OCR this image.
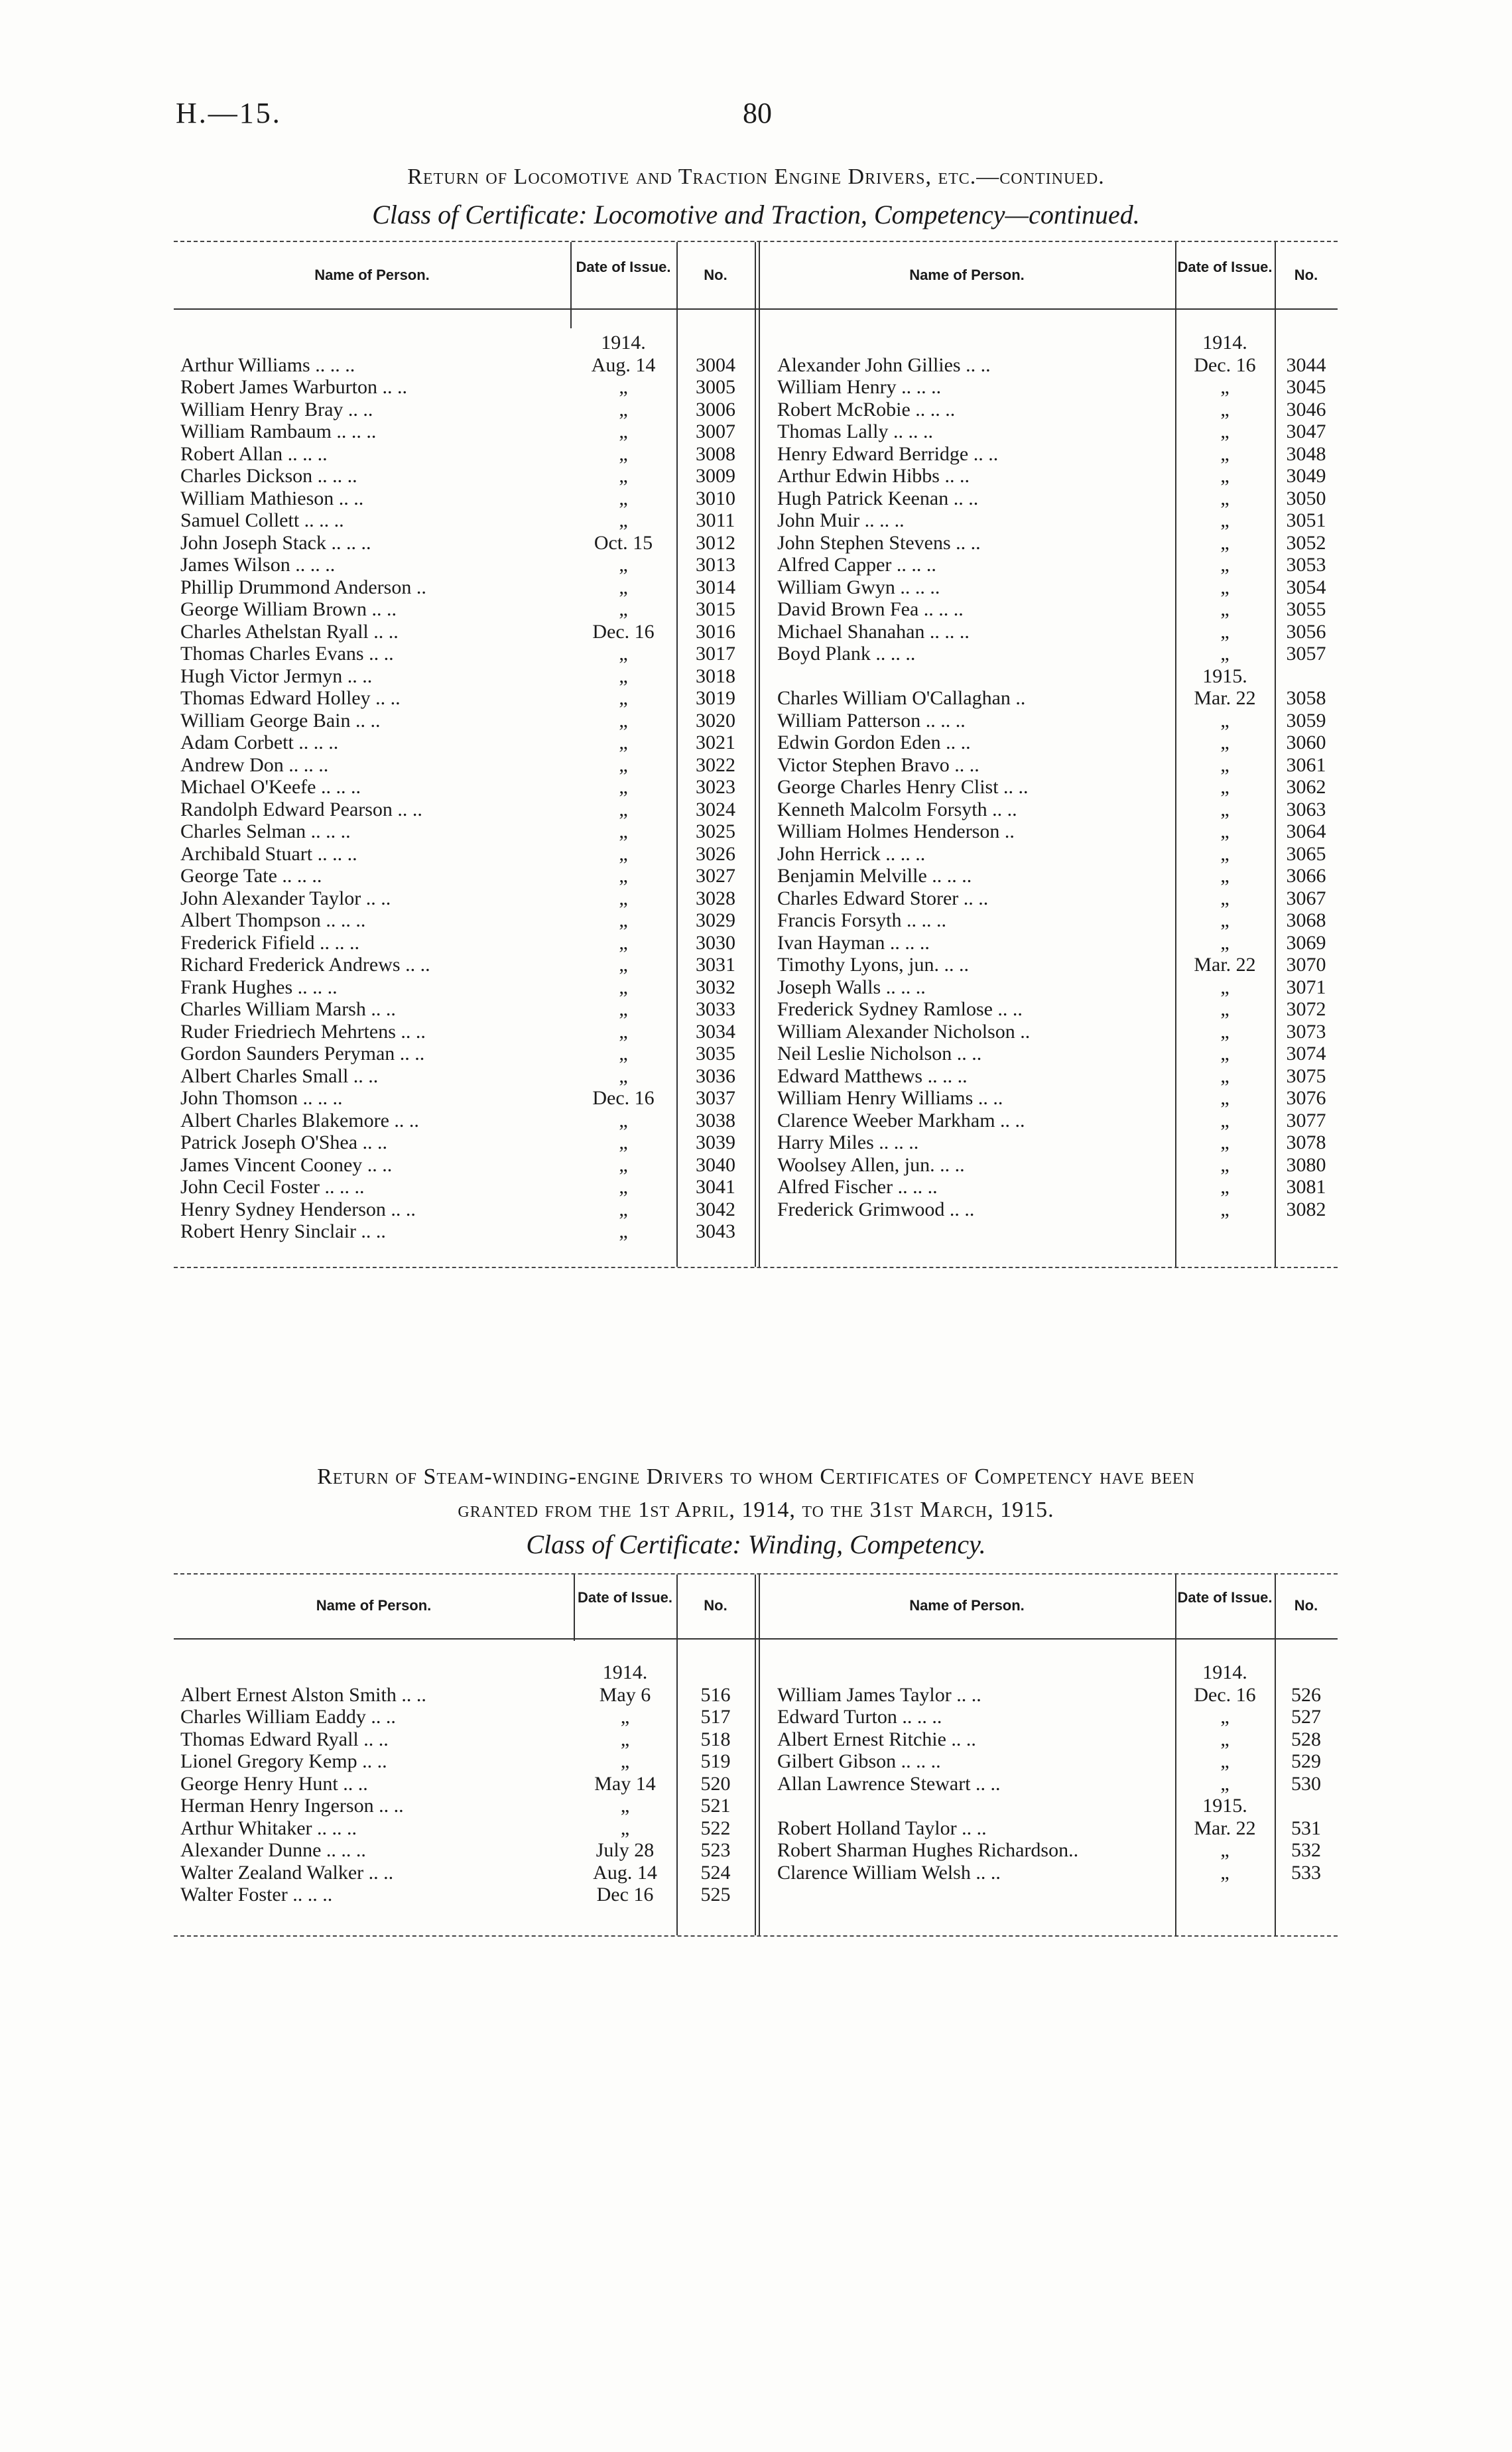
H.—15.	80
Return of Locomotive and Traction Engine Drivers, etc.—continued.
Class of Certificate: Locomotive and Traction, Competency—continued.
Name of Person.	Date of Issue.	No.	Name of Person.	Date of Issue.	No.
1914.
Arthur Williams .. .. ..	Aug. 14	3004
Robert James Warburton .. ..	„	3005
William Henry Bray .. ..	„	3006
William Rambaum .. .. ..	„	3007
Robert Allan .. .. ..	„	3008
Charles Dickson .. .. ..	„	3009
William Mathieson .. ..	„	3010
Samuel Collett .. .. ..	„	3011
John Joseph Stack .. .. ..	Oct. 15	3012
James Wilson .. .. ..	„	3013
Phillip Drummond Anderson ..	„	3014
George William Brown .. ..	„	3015
Charles Athelstan Ryall .. ..	Dec. 16	3016
Thomas Charles Evans .. ..	„	3017
Hugh Victor Jermyn .. ..	„	3018
Thomas Edward Holley .. ..	„	3019
William George Bain .. ..	„	3020
Adam Corbett .. .. ..	„	3021
Andrew Don .. .. ..	„	3022
Michael O'Keefe .. .. ..	„	3023
Randolph Edward Pearson .. ..	„	3024
Charles Selman .. .. ..	„	3025
Archibald Stuart .. .. ..	„	3026
George Tate .. .. ..	„	3027
John Alexander Taylor .. ..	„	3028
Albert Thompson .. .. ..	„	3029
Frederick Fifield .. .. ..	„	3030
Richard Frederick Andrews .. ..	„	3031
Frank Hughes .. .. ..	„	3032
Charles William Marsh .. ..	„	3033
Ruder Friedriech Mehrtens .. ..	„	3034
Gordon Saunders Peryman .. ..	„	3035
Albert Charles Small .. ..	„	3036
John Thomson .. .. ..	Dec. 16	3037
Albert Charles Blakemore .. ..	„	3038
Patrick Joseph O'Shea .. ..	„	3039
James Vincent Cooney .. ..	„	3040
John Cecil Foster .. .. ..	„	3041
Henry Sydney Henderson .. ..	„	3042
Robert Henry Sinclair .. ..	„	3043
1914.
Alexander John Gillies .. ..	Dec. 16	3044
William Henry .. .. ..	„	3045
Robert McRobie .. .. ..	„	3046
Thomas Lally .. .. ..	„	3047
Henry Edward Berridge .. ..	„	3048
Arthur Edwin Hibbs .. ..	„	3049
Hugh Patrick Keenan .. ..	„	3050
John Muir .. .. ..	„	3051
John Stephen Stevens .. ..	„	3052
Alfred Capper .. .. ..	„	3053
William Gwyn .. .. ..	„	3054
David Brown Fea .. .. ..	„	3055
Michael Shanahan .. .. ..	„	3056
Boyd Plank .. .. ..	„	3057
1915.
Charles William O'Callaghan ..	Mar. 22	3058
William Patterson .. .. ..	„	3059
Edwin Gordon Eden .. ..	„	3060
Victor Stephen Bravo .. ..	„	3061
George Charles Henry Clist .. ..	„	3062
Kenneth Malcolm Forsyth .. ..	„	3063
William Holmes Henderson ..	„	3064
John Herrick .. .. ..	„	3065
Benjamin Melville .. .. ..	„	3066
Charles Edward Storer .. ..	„	3067
Francis Forsyth .. .. ..	„	3068
Ivan Hayman .. .. ..	„	3069
Timothy Lyons, jun. .. ..	Mar. 22	3070
Joseph Walls .. .. ..	„	3071
Frederick Sydney Ramlose .. ..	„	3072
William Alexander Nicholson ..	„	3073
Neil Leslie Nicholson .. ..	„	3074
Edward Matthews .. .. ..	„	3075
William Henry Williams .. ..	„	3076
Clarence Weeber Markham .. ..	„	3077
Harry Miles .. .. ..	„	3078
Woolsey Allen, jun. .. ..	„	3080
Alfred Fischer .. .. ..	„	3081
Frederick Grimwood .. ..	„	3082
Return of Steam-winding-engine Drivers to whom Certificates of Competency have been
granted from the 1st April, 1914, to the 31st March, 1915.
Class of Certificate: Winding, Competency.
Name of Person.	Date of Issue.	No.	Name of Person.	Date of Issue.	No.
1914.
Albert Ernest Alston Smith .. ..	May 6	516
Charles William Eaddy .. ..	„	517
Thomas Edward Ryall .. ..	„	518
Lionel Gregory Kemp .. ..	„	519
George Henry Hunt .. ..	May 14	520
Herman Henry Ingerson .. ..	„	521
Arthur Whitaker .. .. ..	„	522
Alexander Dunne .. .. ..	July 28	523
Walter Zealand Walker .. ..	Aug. 14	524
Walter Foster .. .. ..	Dec 16	525
1914.
William James Taylor .. ..	Dec. 16	526
Edward Turton .. .. ..	„	527
Albert Ernest Ritchie .. ..	„	528
Gilbert Gibson .. .. ..	„	529
Allan Lawrence Stewart .. ..	„	530
1915.
Robert Holland Taylor .. ..	Mar. 22	531
Robert Sharman Hughes Richardson..	„	532
Clarence William Welsh .. ..	„	533
